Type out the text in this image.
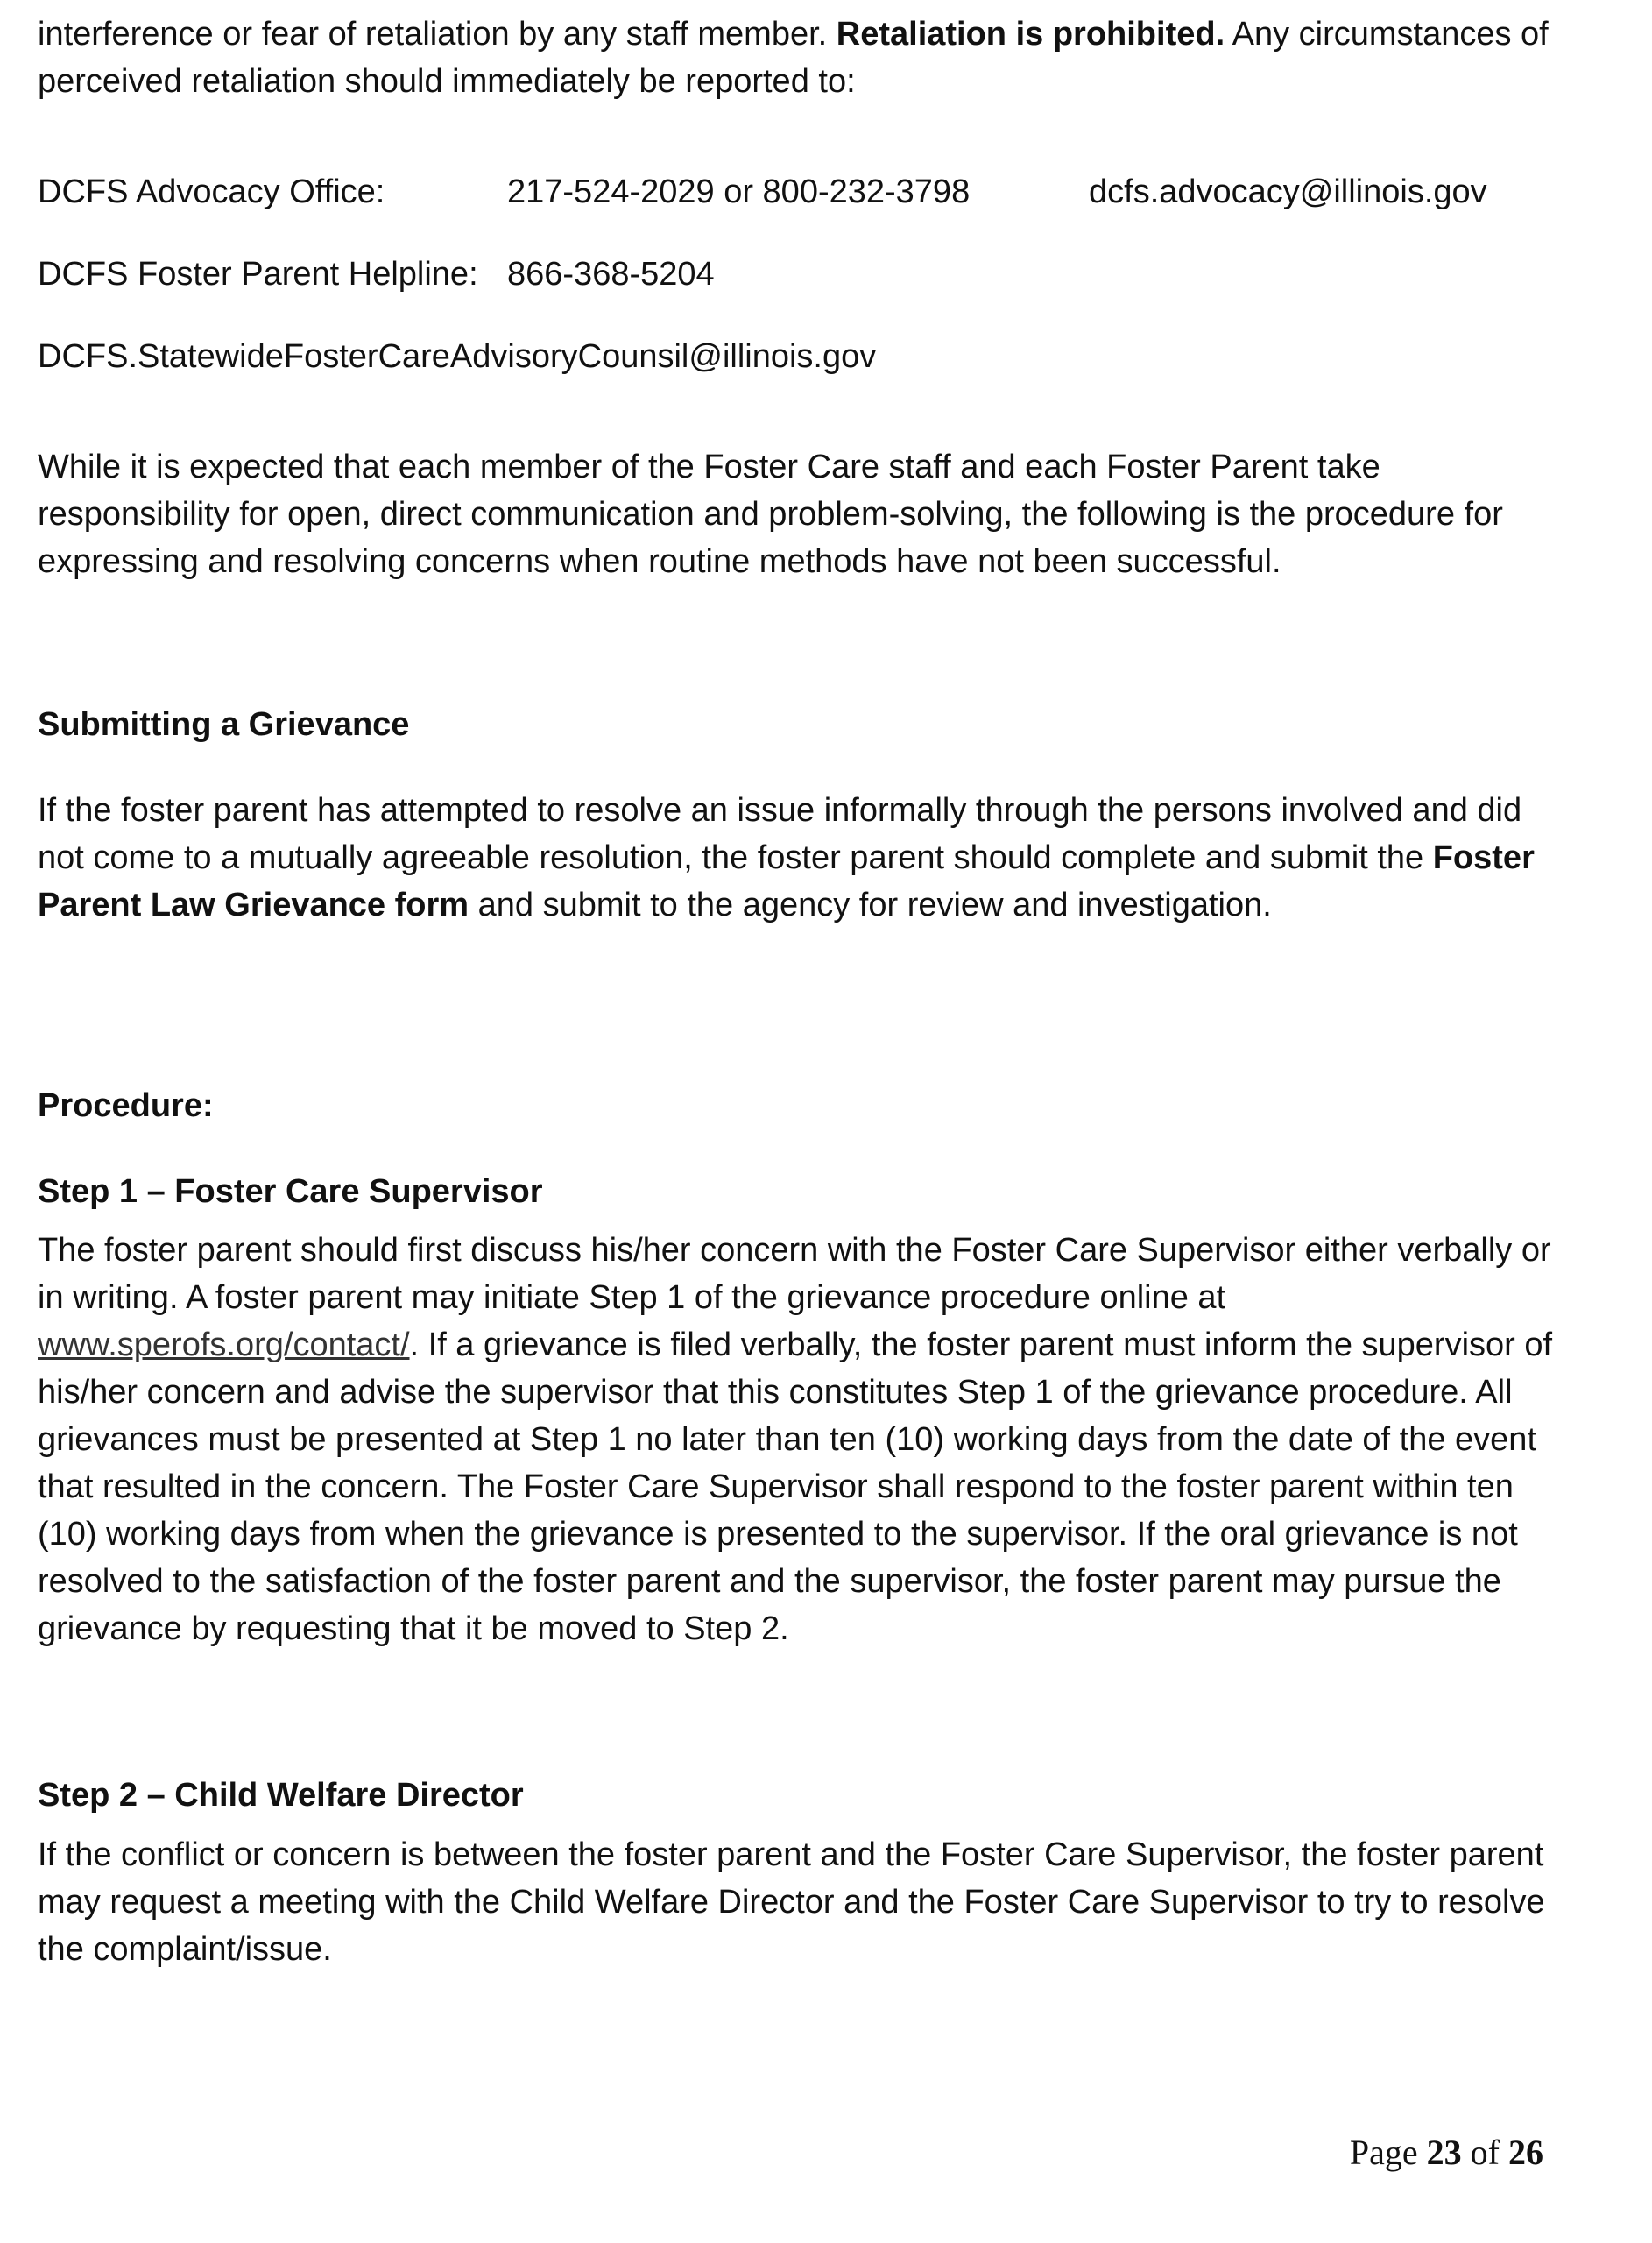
interference or fear of retaliation by any staff member. Retaliation is prohibited. Any circumstances of perceived retaliation should immediately be reported to:

DCFS Advocacy Office:	217-524-2029 or 800-232-3798	dcfs.advocacy@illinois.gov
DCFS Foster Parent Helpline: 866-368-5204
DCFS.StatewideFosterCareAdvisoryCounsil@illinois.gov

While it is expected that each member of the Foster Care staff and each Foster Parent take responsibility for open, direct communication and problem-solving, the following is the procedure for expressing and resolving concerns when routine methods have not been successful.

Submitting a Grievance

If the foster parent has attempted to resolve an issue informally through the persons involved and did not come to a mutually agreeable resolution, the foster parent should complete and submit the Foster Parent Law Grievance form and submit to the agency for review and investigation.

Procedure:
Step 1 – Foster Care Supervisor

The foster parent should first discuss his/her concern with the Foster Care Supervisor either verbally or in writing. A foster parent may initiate Step 1 of the grievance procedure online at www.sperofs.org/contact/. If a grievance is filed verbally, the foster parent must inform the supervisor of his/her concern and advise the supervisor that this constitutes Step 1 of the grievance procedure. All grievances must be presented at Step 1 no later than ten (10) working days from the date of the event that resulted in the concern. The Foster Care Supervisor shall respond to the foster parent within ten (10) working days from when the grievance is presented to the supervisor. If the oral grievance is not resolved to the satisfaction of the foster parent and the supervisor, the foster parent may pursue the grievance by requesting that it be moved to Step 2.

Step 2 – Child Welfare Director

If the conflict or concern is between the foster parent and the Foster Care Supervisor, the foster parent may request a meeting with the Child Welfare Director and the Foster Care Supervisor to try to resolve the complaint/issue.

Page 23 of 26
